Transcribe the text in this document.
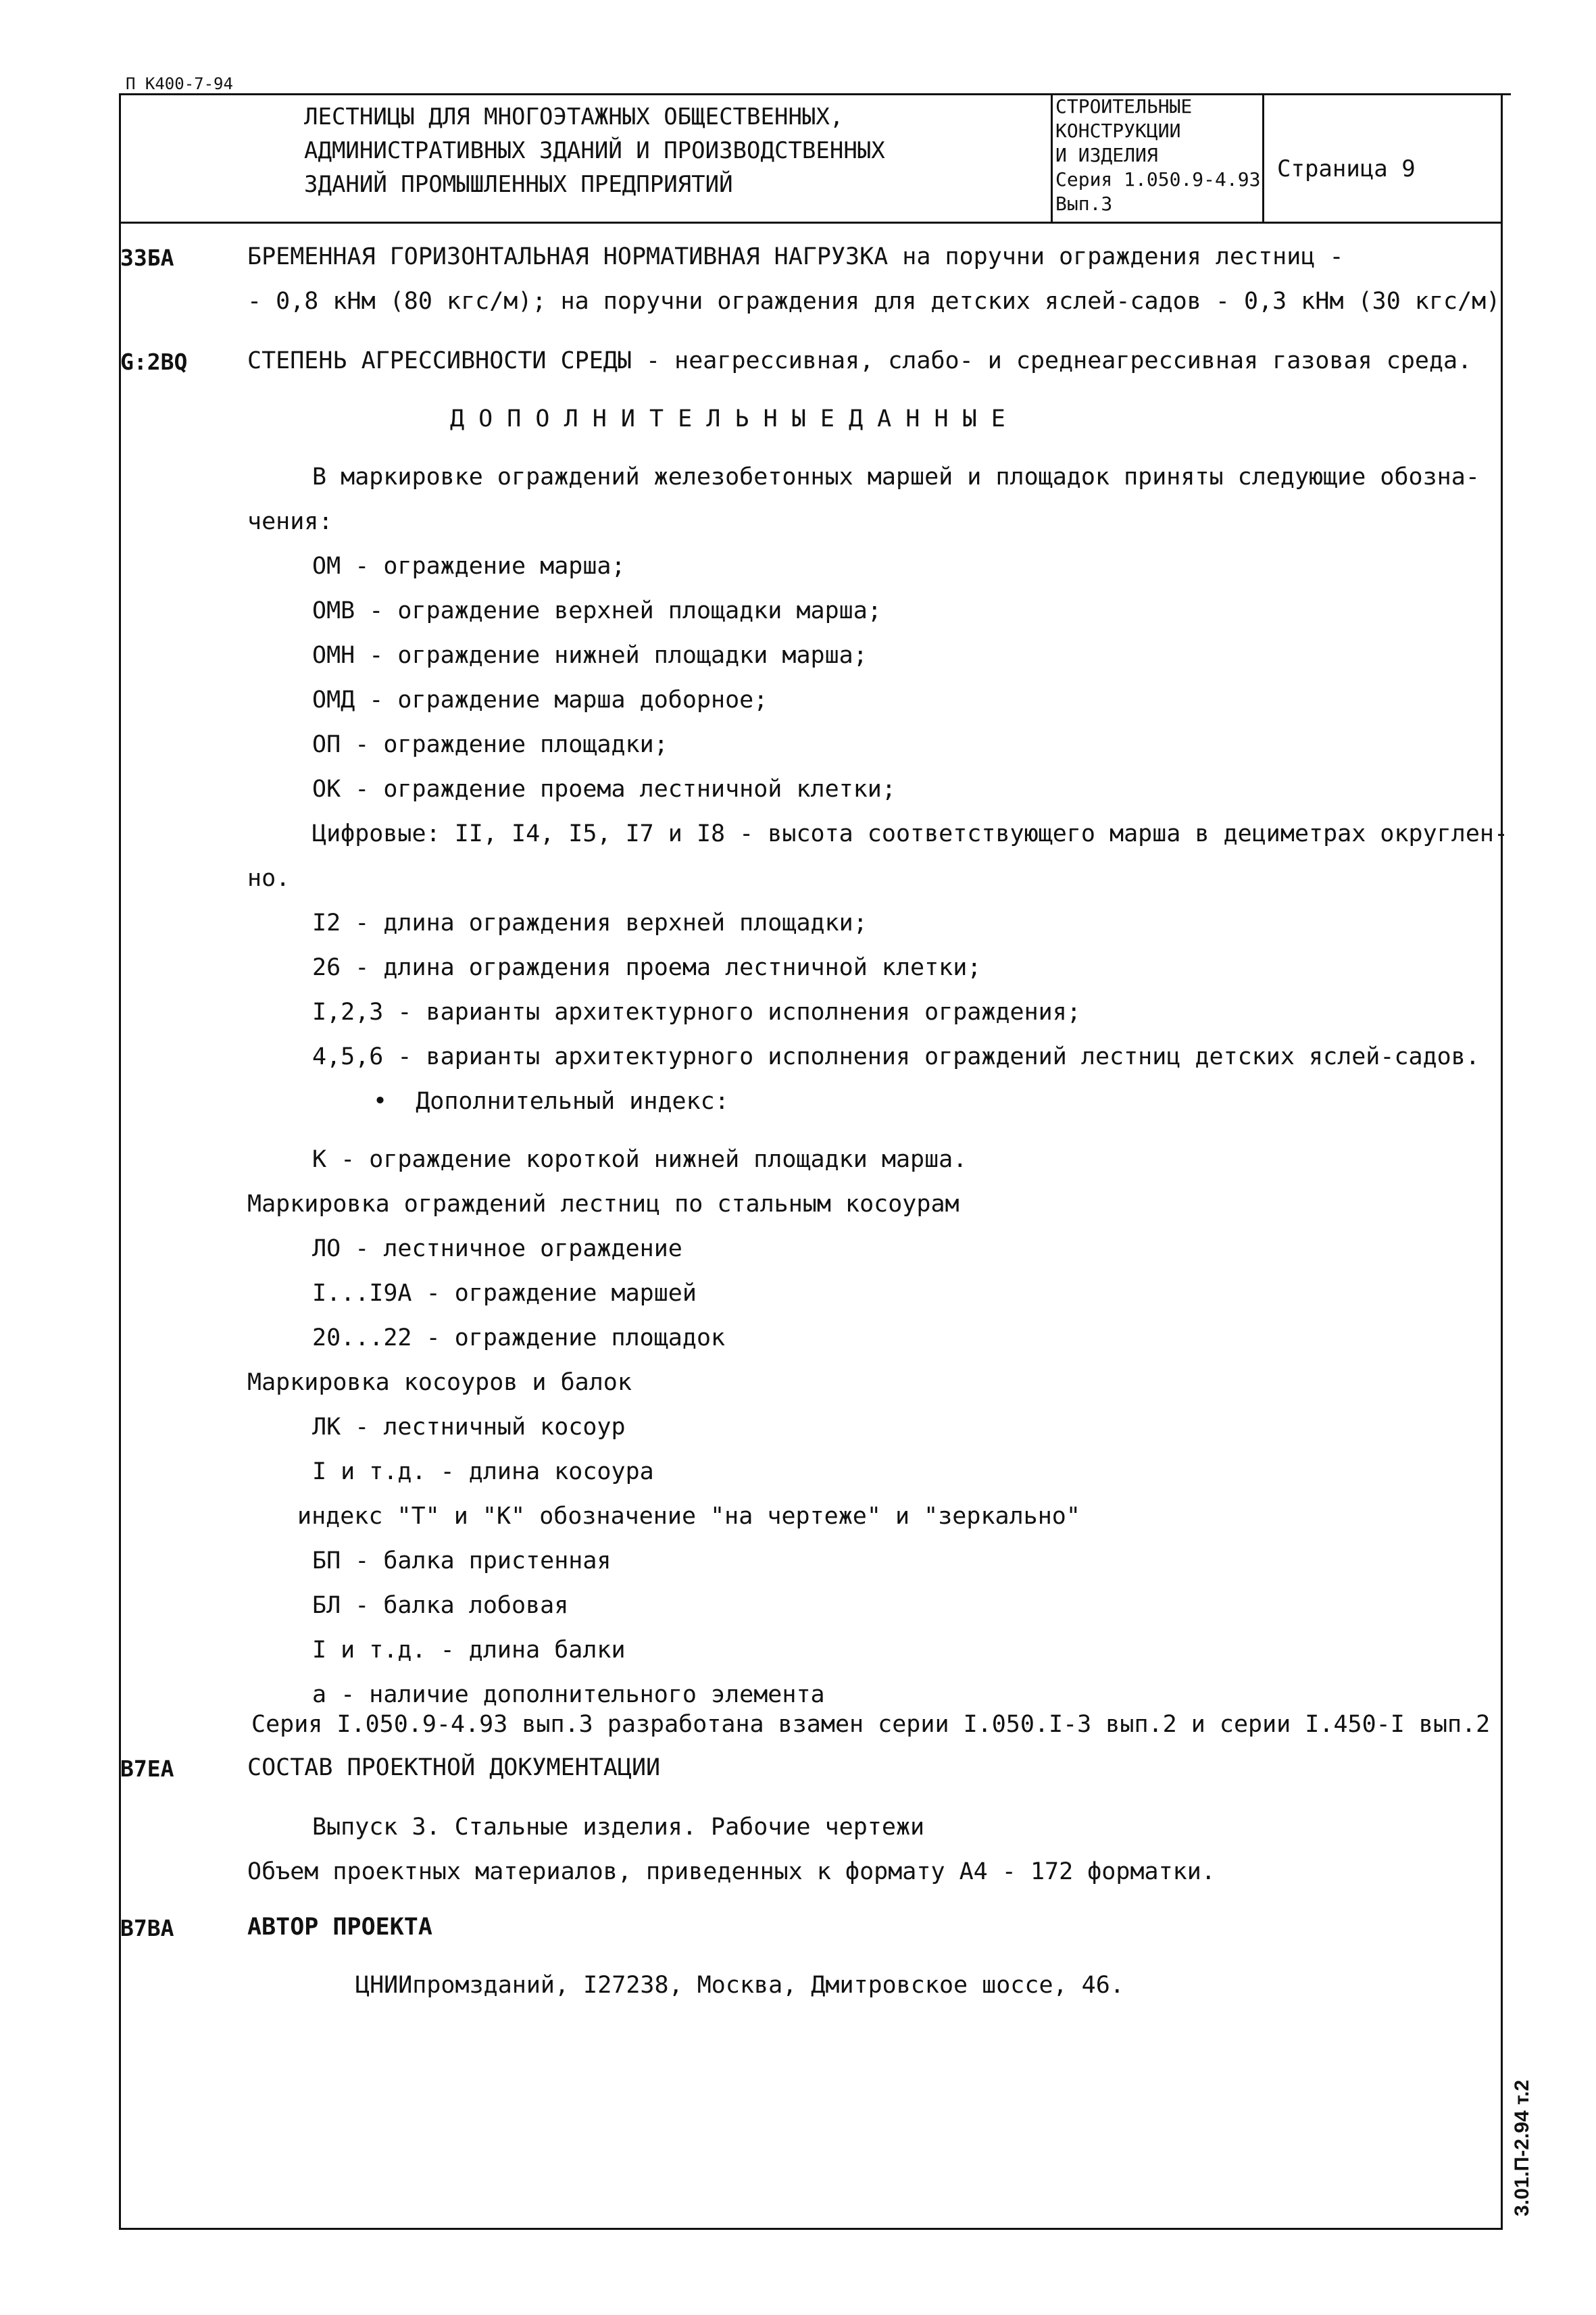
П К400-7-94
ЛЕСТНИЦЫ ДЛЯ МНОГОЭТАЖНЫХ ОБЩЕСТВЕННЫХ,
АДМИНИСТРАТИВНЫХ ЗДАНИЙ И ПРОИЗВОДСТВЕННЫХ
ЗДАНИЙ ПРОМЫШЛЕННЫХ ПРЕДПРИЯТИЙ
СТРОИТЕЛЬНЫЕ
КОНСТРУКЦИИ
И ИЗДЕЛИЯ
Серия 1.050.9-4.93
Вып.3
Страница 9
33БА	БРЕМЕННАЯ ГОРИЗОНТАЛЬНАЯ НОРМАТИВНАЯ НАГРУЗКА на поручни ограждения лестниц -
- 0,8 кНм (80 кгс/м); на поручни ограждения для детских яслей-садов - 0,3 кНм (30 кгс/м)
G:2BQ	СТЕПЕНЬ АГРЕССИВНОСТИ СРЕДЫ - неагрессивная, слабо- и среднеагрессивная газовая среда.
Д О П О Л Н И Т Е Л Ь Н Ы Е Д А Н Н Ы Е
В маркировке ограждений железобетонных маршей и площадок приняты следующие обозна-
чения:
ОМ - ограждение марша;
ОМВ - ограждение верхней площадки марша;
ОМН - ограждение нижней площадки марша;
ОМД - ограждение марша доборное;
ОП - ограждение площадки;
ОК - ограждение проема лестничной клетки;
Цифровые: II, I4, I5, I7 и I8 - высота соответствующего марша в дециметрах округлен-
но.
I2 - длина ограждения верхней площадки;
26 - длина ограждения проема лестничной клетки;
I,2,3 - варианты архитектурного исполнения ограждения;
4,5,6 - варианты архитектурного исполнения ограждений лестниц детских яслей-садов.
•  Дополнительный индекс:
К - ограждение короткой нижней площадки марша.
Маркировка ограждений лестниц по стальным косоурам
ЛО - лестничное ограждение
I...I9А - ограждение маршей
20...22 - ограждение площадок
Маркировка косоуров и балок
ЛК - лестничный косоур
I и т.д. - длина косоура
индекс "Т" и "К" обозначение "на чертеже" и "зеркально"
БП - балка пристенная
БЛ - балка лобовая
I и т.д. - длина балки
а - наличие дополнительного элемента
Серия I.050.9-4.93 вып.3 разработана взамен серии I.050.I-3 вып.2 и серии I.450-I вып.2
В7ЕА	СОСТАВ ПРОЕКТНОЙ ДОКУМЕНТАЦИИ
Выпуск 3. Стальные изделия. Рабочие чертежи
Объем проектных материалов, приведенных к формату А4 - 172 форматки.
В7ВА	АВТОР ПРОЕКТА
ЦНИИпромзданий, I27238, Москва, Дмитровское шоссе, 46.
3.01.П-2.94 т.2
